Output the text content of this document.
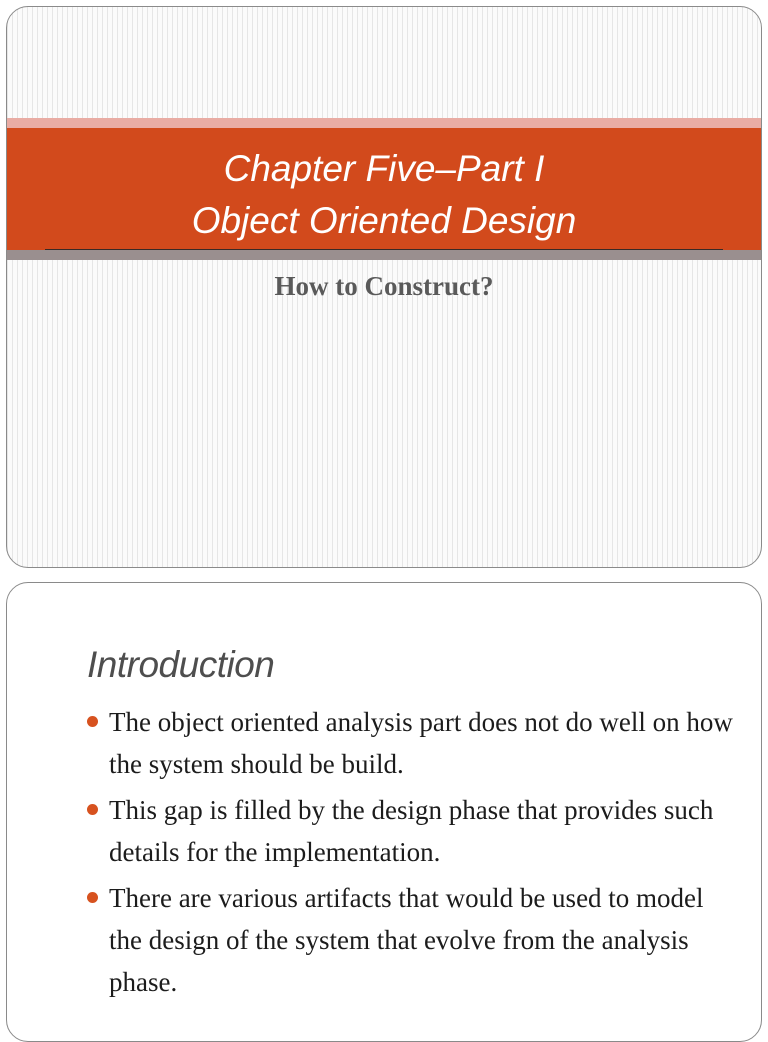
Chapter Five–Part I
Object Oriented Design
How to Construct?
Introduction
The object oriented analysis part does not do well on how the system should be build.
This gap is filled by the design phase that provides such details for the implementation.
There are various artifacts that would be used to model the design of the system that evolve from the analysis phase.
